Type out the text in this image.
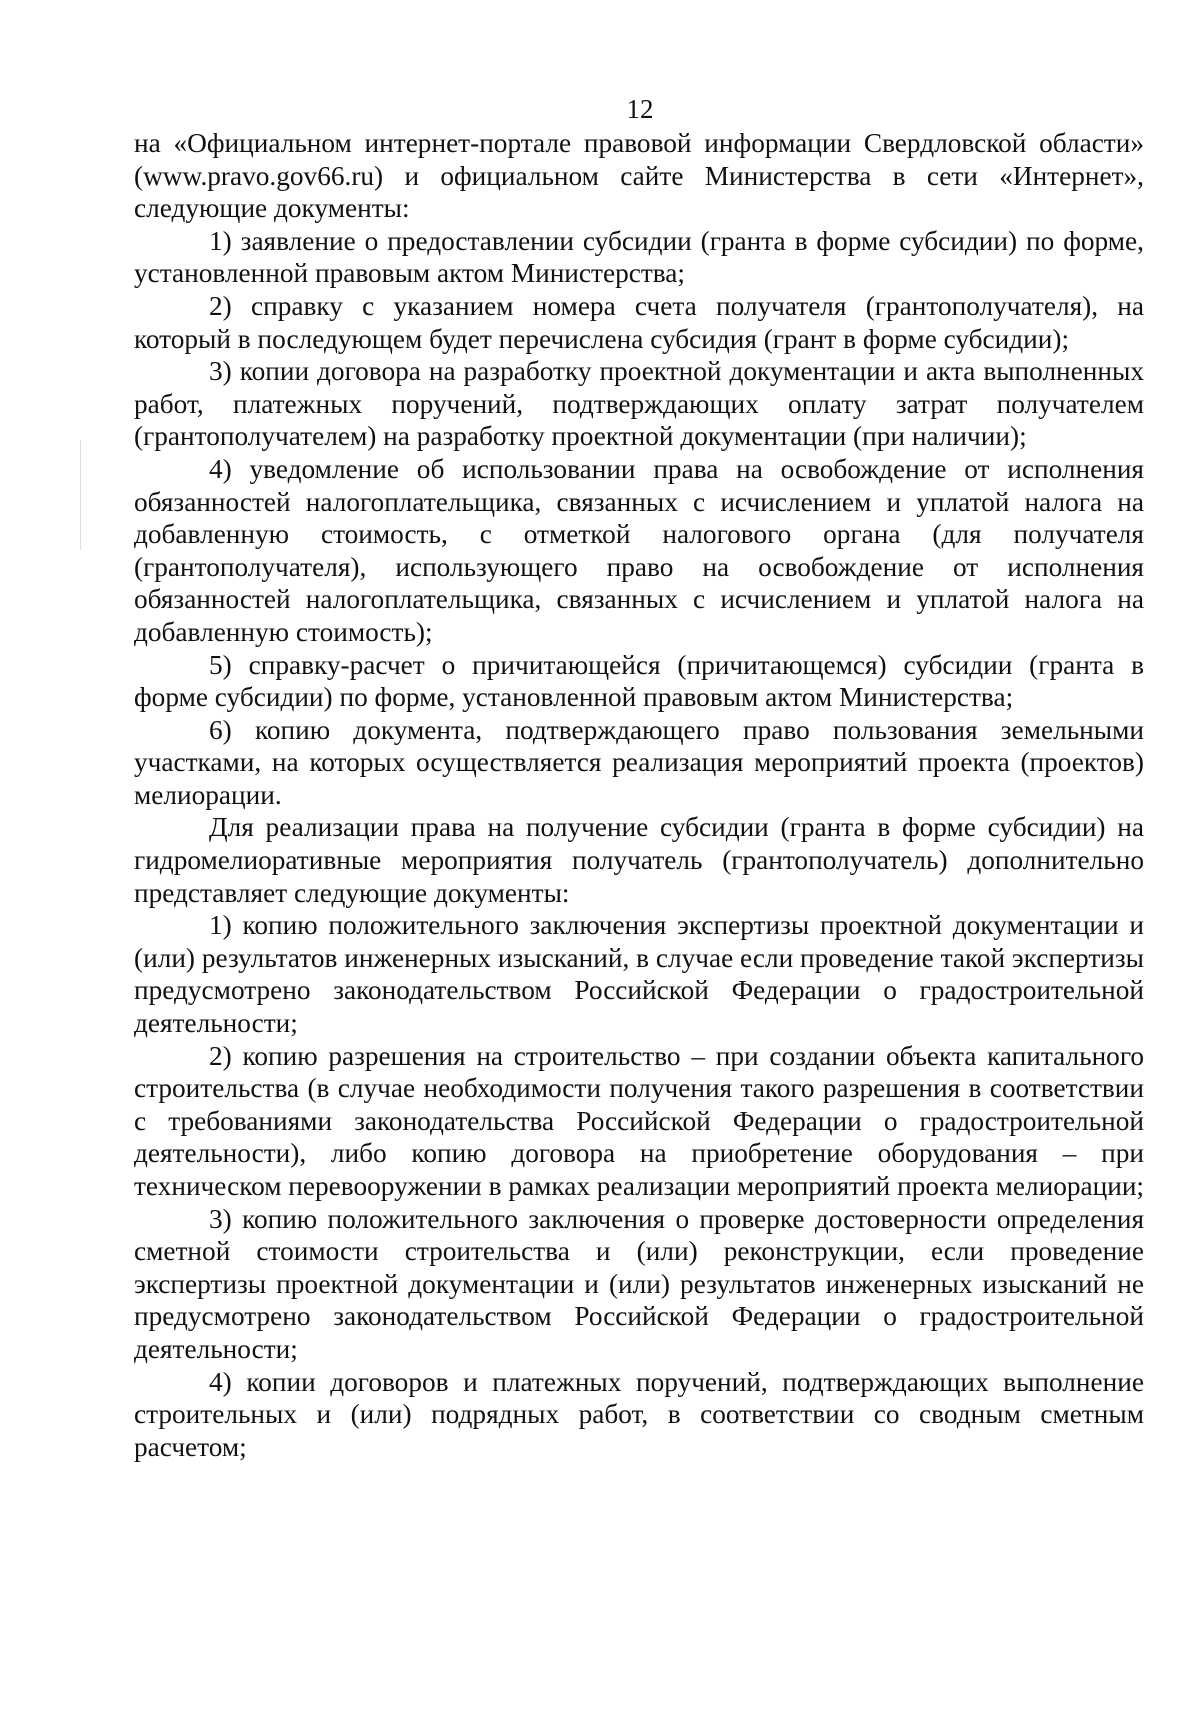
12

на «Официальном интернет-портале правовой информации Свердловской области» (www.pravo.gov66.ru) и официальном сайте Министерства в сети «Интернет», следующие документы:

1) заявление о предоставлении субсидии (гранта в форме субсидии) по форме, установленной правовым актом Министерства;

2) справку с указанием номера счета получателя (грантополучателя), на который в последующем будет перечислена субсидия (грант в форме субсидии);

3) копии договора на разработку проектной документации и акта выполненных работ, платежных поручений, подтверждающих оплату затрат получателем (грантополучателем) на разработку проектной документации (при наличии);

4) уведомление об использовании права на освобождение от исполнения обязанностей налогоплательщика, связанных с исчислением и уплатой налога на добавленную стоимость, с отметкой налогового органа (для получателя (грантополучателя), использующего право на освобождение от исполнения обязанностей налогоплательщика, связанных с исчислением и уплатой налога на добавленную стоимость);

5) справку-расчет о причитающейся (причитающемся) субсидии (гранта в форме субсидии) по форме, установленной правовым актом Министерства;

6) копию документа, подтверждающего право пользования земельными участками, на которых осуществляется реализация мероприятий проекта (проектов) мелиорации.

Для реализации права на получение субсидии (гранта в форме субсидии) на гидромелиоративные мероприятия получатель (грантополучатель) дополнительно представляет следующие документы:

1) копию положительного заключения экспертизы проектной документации и (или) результатов инженерных изысканий, в случае если проведение такой экспертизы предусмотрено законодательством Российской Федерации о градостроительной деятельности;

2) копию разрешения на строительство – при создании объекта капитального строительства (в случае необходимости получения такого разрешения в соответствии с требованиями законодательства Российской Федерации о градостроительной деятельности), либо копию договора на приобретение оборудования – при техническом перевооружении в рамках реализации мероприятий проекта мелиорации;

3) копию положительного заключения о проверке достоверности определения сметной стоимости строительства и (или) реконструкции, если проведение экспертизы проектной документации и (или) результатов инженерных изысканий не предусмотрено законодательством Российской Федерации о градостроительной деятельности;

4) копии договоров и платежных поручений, подтверждающих выполнение строительных и (или) подрядных работ, в соответствии со сводным сметным расчетом;
